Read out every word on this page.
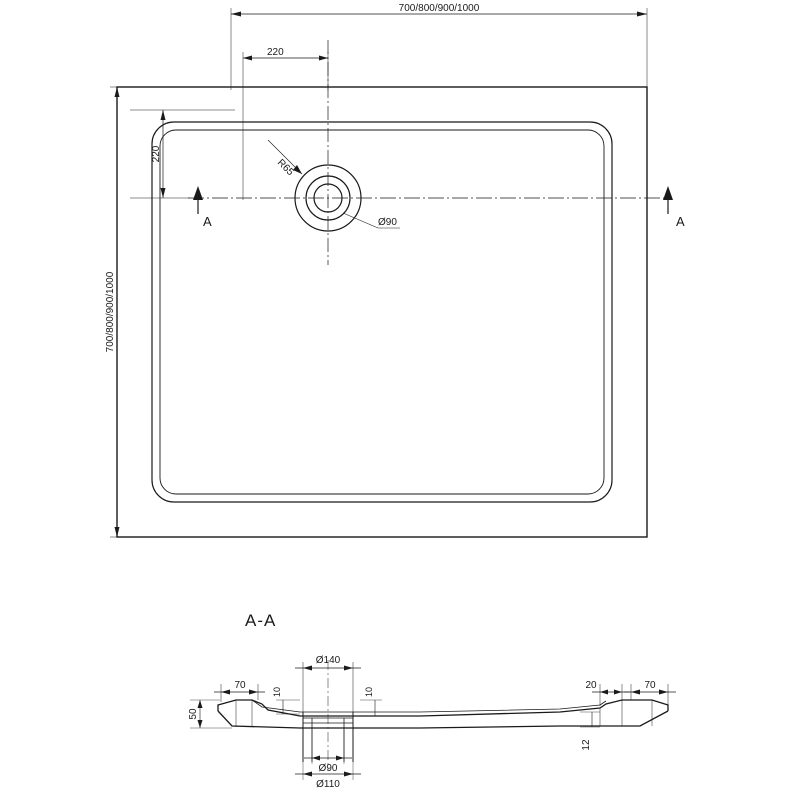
A	A
700/800/900/1000
220
700/800/900/1000
220
R65
Ø90
A-A
Ø140
70
10	10
50
20	70
12
Ø90
Ø110
